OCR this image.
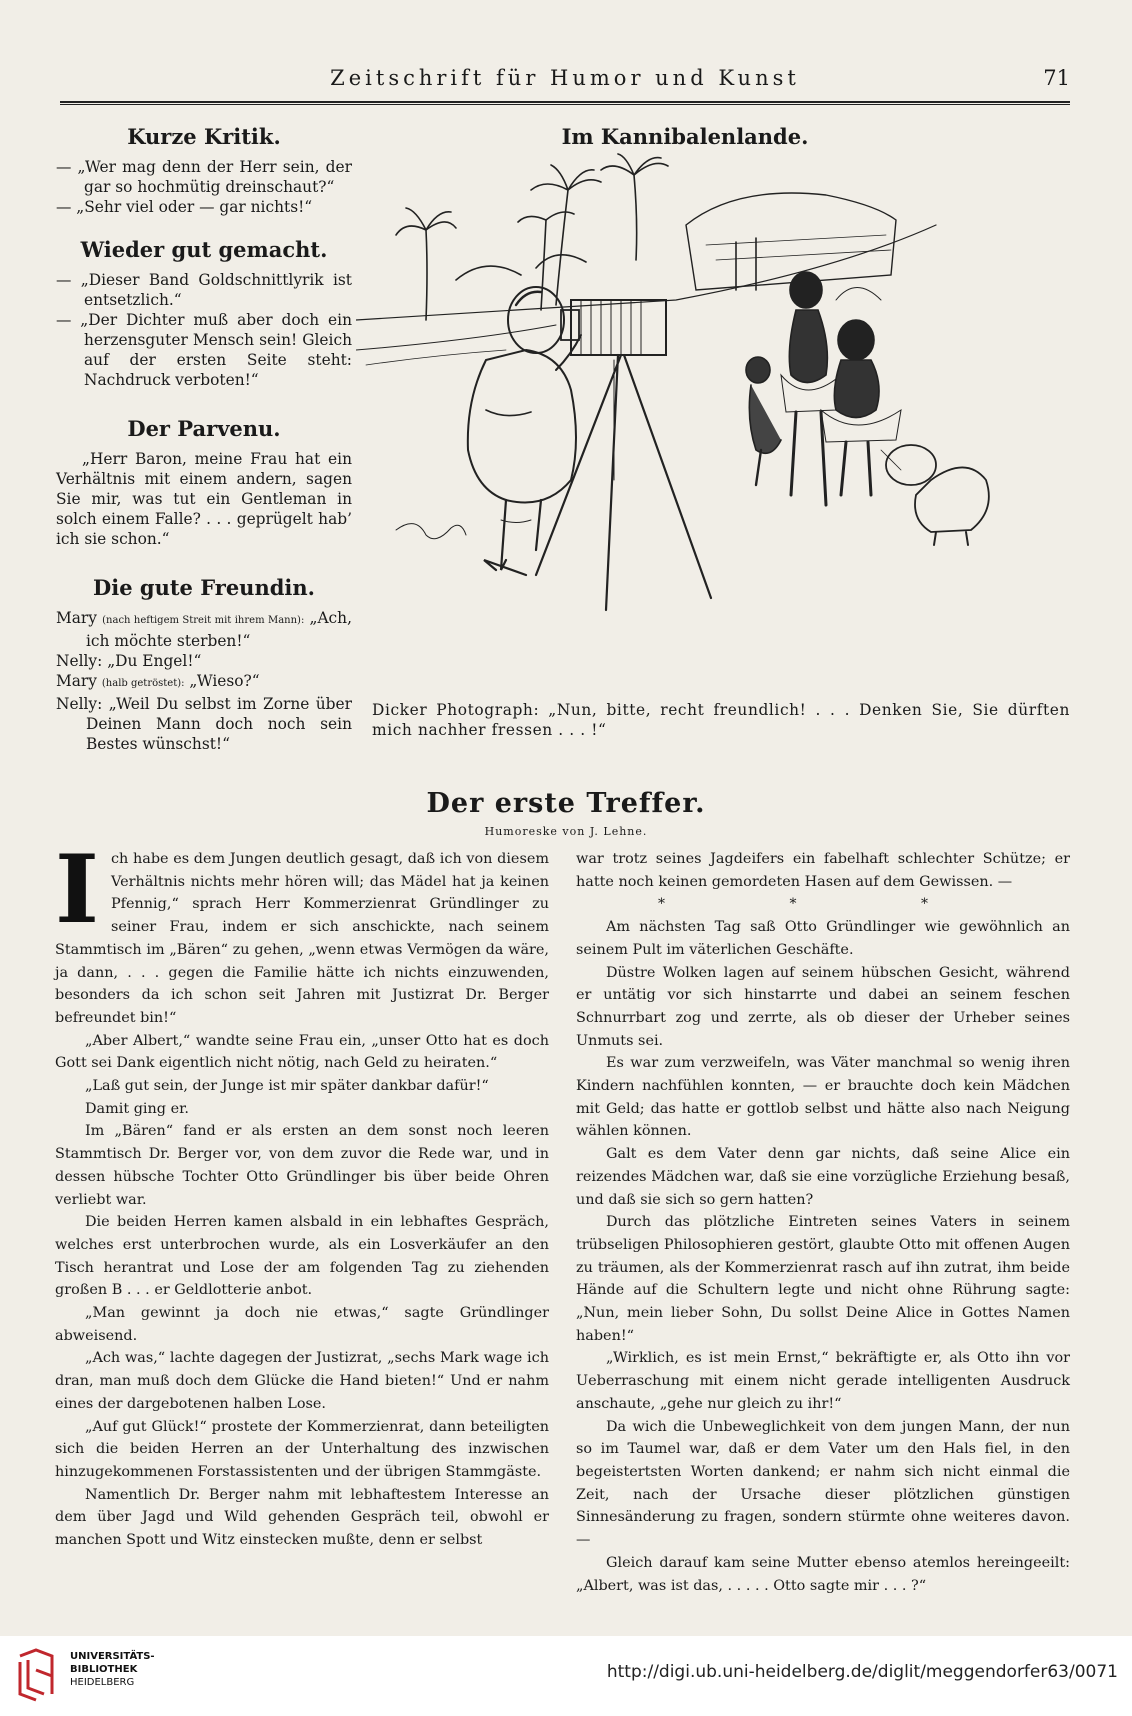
Zeitschrift für Humor und Kunst	71
Kurze Kritik.
— „Wer mag denn der Herr sein, der gar so hochmütig dreinschaut?“
— „Sehr viel oder — gar nichts!“
Wieder gut gemacht.
— „Dieser Band Goldschnittlyrik ist entsetzlich.“
— „Der Dichter muß aber doch ein herzensguter Mensch sein! Gleich auf der ersten Seite steht: Nachdruck verboten!“
Der Parvenu.
„Herr Baron, meine Frau hat ein Verhältnis mit einem andern, sagen Sie mir, was tut ein Gentleman in solch einem Falle? . . . geprügelt hab’ ich sie schon.“
Die gute Freundin.
Mary (nach heftigem Streit mit ihrem Mann): „Ach, ich möchte sterben!“
Nelly: „Du Engel!“
Mary (halb getröstet): „Wieso?“
Nelly: „Weil Du selbst im Zorne über Deinen Mann doch noch sein Bestes wünschst!“
Im Kannibalenlande.
Dicker Photograph: „Nun, bitte, recht freundlich! . . . Denken Sie, Sie dürften mich nachher fressen . . . !“
Der erste Treffer.
Humoreske von J. Lehne.
I ch habe es dem Jungen deutlich gesagt, daß ich von diesem Verhältnis nichts mehr hören will; das Mädel hat ja keinen Pfennig,“ sprach Herr Kommerzienrat Gründlinger zu seiner Frau, indem er sich anschickte, nach seinem Stammtisch im „Bären“ zu gehen, „wenn etwas Vermögen da wäre, ja dann, . . . gegen die Familie hätte ich nichts einzuwenden, besonders da ich schon seit Jahren mit Justizrat Dr. Berger befreundet bin!“
„Aber Albert,“ wandte seine Frau ein, „unser Otto hat es doch Gott sei Dank eigentlich nicht nötig, nach Geld zu heiraten.“
„Laß gut sein, der Junge ist mir später dankbar dafür!“
Damit ging er.
Im „Bären“ fand er als ersten an dem sonst noch leeren Stammtisch Dr. Berger vor, von dem zuvor die Rede war, und in dessen hübsche Tochter Otto Gründlinger bis über beide Ohren verliebt war.
Die beiden Herren kamen alsbald in ein lebhaftes Gespräch, welches erst unterbrochen wurde, als ein Losverkäufer an den Tisch herantrat und Lose der am folgenden Tag zu ziehenden großen B . . . er Geldlotterie anbot.
„Man gewinnt ja doch nie etwas,“ sagte Gründlinger abweisend.
„Ach was,“ lachte dagegen der Justizrat, „sechs Mark wage ich dran, man muß doch dem Glücke die Hand bieten!“ Und er nahm eines der dargebotenen halben Lose.
„Auf gut Glück!“ prostete der Kommerzienrat, dann beteiligten sich die beiden Herren an der Unterhaltung des inzwischen hinzugekommenen Forstassistenten und der übrigen Stammgäste.
Namentlich Dr. Berger nahm mit lebhaftestem Interesse an dem über Jagd und Wild gehenden Gespräch teil, obwohl er manchen Spott und Witz einstecken mußte, denn er selbst
war trotz seines Jagdeifers ein fabelhaft schlechter Schütze; er hatte noch keinen gemordeten Hasen auf dem Gewissen. —
* * *
Am nächsten Tag saß Otto Gründlinger wie gewöhnlich an seinem Pult im väterlichen Geschäfte.
Düstre Wolken lagen auf seinem hübschen Gesicht, während er untätig vor sich hinstarrte und dabei an seinem feschen Schnurrbart zog und zerrte, als ob dieser der Urheber seines Unmuts sei.
Es war zum verzweifeln, was Väter manchmal so wenig ihren Kindern nachfühlen konnten, — er brauchte doch kein Mädchen mit Geld; das hatte er gottlob selbst und hätte also nach Neigung wählen können.
Galt es dem Vater denn gar nichts, daß seine Alice ein reizendes Mädchen war, daß sie eine vorzügliche Erziehung besaß, und daß sie sich so gern hatten?
Durch das plötzliche Eintreten seines Vaters in seinem trübseligen Philosophieren gestört, glaubte Otto mit offenen Augen zu träumen, als der Kommerzienrat rasch auf ihn zutrat, ihm beide Hände auf die Schultern legte und nicht ohne Rührung sagte: „Nun, mein lieber Sohn, Du sollst Deine Alice in Gottes Namen haben!“
„Wirklich, es ist mein Ernst,“ bekräftigte er, als Otto ihn vor Ueberraschung mit einem nicht gerade intelligenten Ausdruck anschaute, „gehe nur gleich zu ihr!“
Da wich die Unbeweglichkeit von dem jungen Mann, der nun so im Taumel war, daß er dem Vater um den Hals fiel, in den begeistertsten Worten dankend; er nahm sich nicht einmal die Zeit, nach der Ursache dieser plötzlichen günstigen Sinnesänderung zu fragen, sondern stürmte ohne weiteres davon. —
Gleich darauf kam seine Mutter ebenso atemlos hereingeeilt: „Albert, was ist das, . . . . . Otto sagte mir . . . ?“
UNIVERSITÄTS-
BIBLIOTHEK
HEIDELBERG
http://digi.ub.uni-heidelberg.de/diglit/meggendorfer63/0071
